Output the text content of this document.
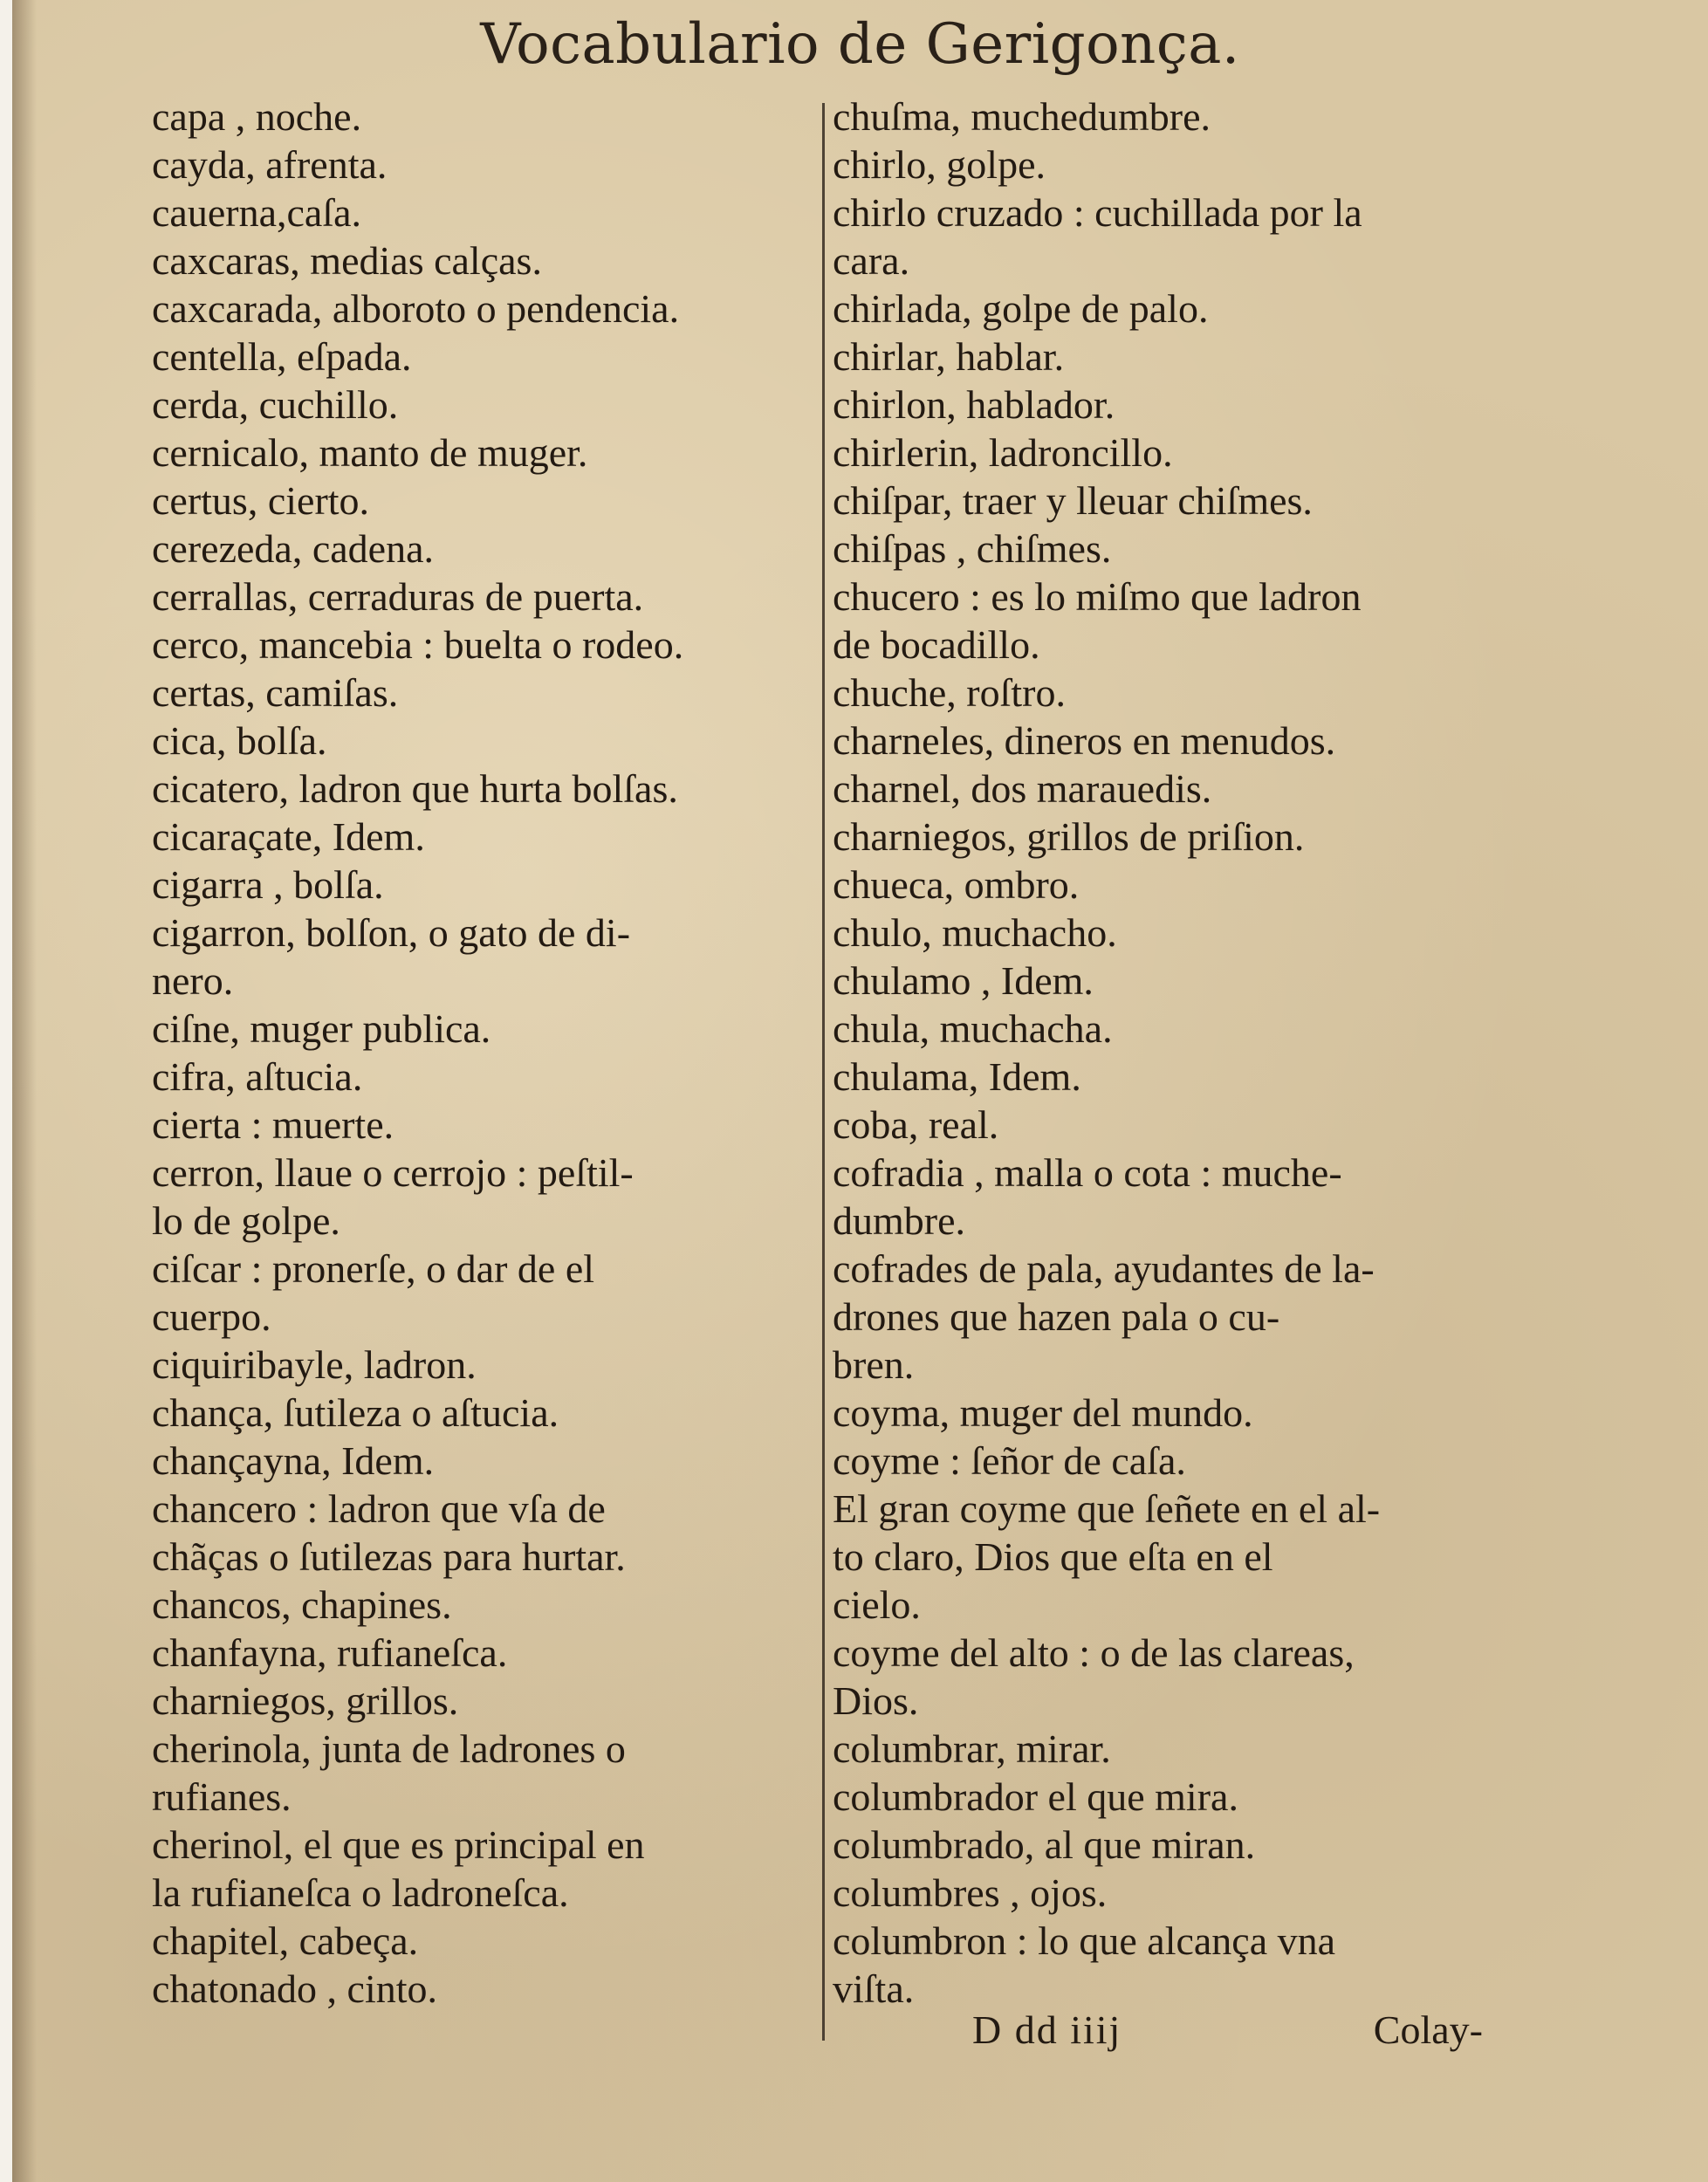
Vocabulario de Gerigonça.
capa , noche.
cayda, afrenta.
cauerna,caſa.
caxcaras, medias calças.
caxcarada, alboroto o pendencia.
centella, eſpada.
cerda, cuchillo.
cernicalo, manto de muger.
certus, cierto.
cerezeda, cadena.
cerrallas, cerraduras de puerta.
cerco, mancebia : buelta o rodeo.
certas, camiſas.
cica, bolſa.
cicatero, ladron que hurta bolſas.
cicaraçate, Idem.
cigarra , bolſa.
cigarron, bolſon, o gato de di-
nero.
ciſne, muger publica.
cifra, aſtucia.
cierta : muerte.
cerron, llaue o cerrojo : peſtil-
lo de golpe.
ciſcar : pronerſe, o dar de el
cuerpo.
ciquiribayle, ladron.
chança, ſutileza o aſtucia.
chançayna, Idem.
chancero : ladron que vſa de
chãças o ſutilezas para hurtar.
chancos, chapines.
chanfayna, rufianeſca.
charniegos, grillos.
cherinola, junta de ladrones o
rufianes.
cherinol, el que es principal en
la rufianeſca o ladroneſca.
chapitel, cabeça.
chatonado , cinto.
chuſma, muchedumbre.
chirlo, golpe.
chirlo cruzado : cuchillada por la
cara.
chirlada, golpe de palo.
chirlar, hablar.
chirlon, hablador.
chirlerin, ladroncillo.
chiſpar, traer y lleuar chiſmes.
chiſpas , chiſmes.
chucero : es lo miſmo que ladron
de bocadillo.
chuche, roſtro.
charneles, dineros en menudos.
charnel, dos marauedis.
charniegos, grillos de priſion.
chueca, ombro.
chulo, muchacho.
chulamo , Idem.
chula, muchacha.
chulama, Idem.
coba, real.
cofradia , malla o cota : muche-
dumbre.
cofrades de pala, ayudantes de la-
drones que hazen pala o cu-
bren.
coyma, muger del mundo.
coyme : ſeñor de caſa.
El gran coyme que ſeñete en el al-
to claro, Dios que eſta en el
cielo.
coyme del alto : o de las clareas,
Dios.
columbrar, mirar.
columbrador el que mira.
columbrado, al que miran.
columbres , ojos.
columbron : lo que alcança vna
viſta.
D dd iiij	Colay-
